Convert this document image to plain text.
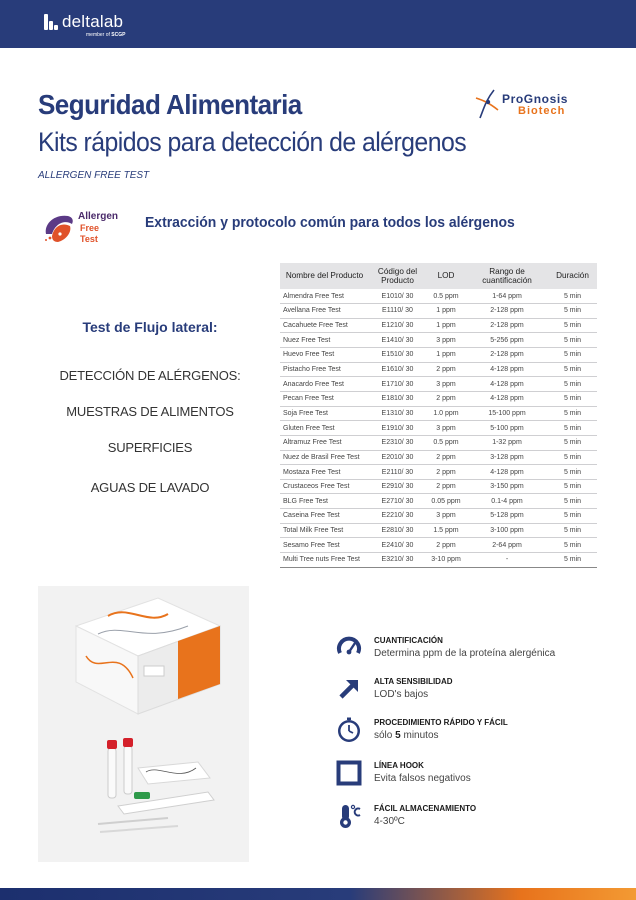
deltalab
member of SCGP
Seguridad Alimentaria
Kits rápidos para detección de alérgenos
ALLERGEN FREE TEST
ProGnosis
Biotech
Allergen
Free
Test
Extracción y protocolo común para todos los alérgenos
Test de Flujo lateral:
DETECCIÓN DE ALÉRGENOS:
MUESTRAS DE ALIMENTOS
SUPERFICIES
AGUAS DE LAVADO
Nombre del Producto	Código del Producto	LOD	Rango de cuantificación	Duración
Almendra Free Test	E1010/ 30	0.5 ppm	1-64 ppm	5 min
Avellana Free Test	E1110/ 30	1 ppm	2-128 ppm	5 min
Cacahuete Free Test	E1210/ 30	1 ppm	2-128 ppm	5 min
Nuez Free Test	E1410/ 30	3 ppm	5-256 ppm	5 min
Huevo Free Test	E1510/ 30	1 ppm	2-128 ppm	5 min
Pistacho Free Test	E1610/ 30	2 ppm	4-128 ppm	5 min
Anacardo Free Test	E1710/ 30	3 ppm	4-128 ppm	5 min
Pecan Free Test	E1810/ 30	2 ppm	4-128 ppm	5 min
Soja Free Test	E1310/ 30	1.0 ppm	15-100 ppm	5 min
Gluten Free Test	E1910/ 30	3 ppm	5-100 ppm	5 min
Altramuz Free Test	E2310/ 30	0.5 ppm	1-32 ppm	5 min
Nuez de Brasil Free Test	E2010/ 30	2 ppm	3-128 ppm	5 min
Mostaza Free Test	E2110/ 30	2 ppm	4-128 ppm	5 min
Crustaceos Free Test	E2910/ 30	2 ppm	3-150 ppm	5 min
BLG Free Test	E2710/ 30	0.05 ppm	0.1-4 ppm	5 min
Caseina Free Test	E2210/ 30	3 ppm	5-128 ppm	5 min
Total Milk Free Test	E2810/ 30	1.5 ppm	3-100 ppm	5 min
Sesamo Free Test	E2410/ 30	2 ppm	2-64 ppm	5 min
Multi Tree nuts Free Test	E3210/ 30	3-10 ppm	-	5 min
CUANTIFICACIÓN
Determina ppm de la proteína alergénica
ALTA SENSIBILIDAD
LOD's bajos
PROCEDIMIENTO RÁPIDO Y FÁCIL
sólo 5 minutos
LÍNEA HOOK
Evita falsos negativos
FÁCIL ALMACENAMIENTO
4-30ºC
